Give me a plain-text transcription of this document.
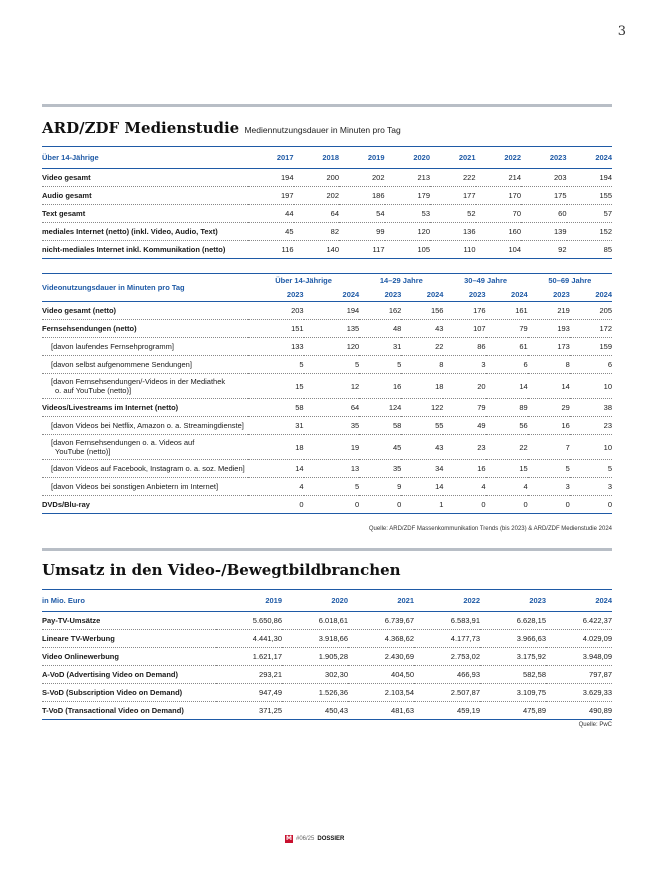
3
ARD/ZDF Medienstudie Mediennutzungsdauer in Minuten pro Tag
Über 14-Jährige	2017	2018	2019	2020	2021	2022	2023	2024
Video gesamt	194	200	202	213	222	214	203	194
Audio gesamt	197	202	186	179	177	170	175	155
Text gesamt	44	64	54	53	52	70	60	57
mediales Internet (netto) (inkl. Video, Audio, Text)	45	82	99	120	136	160	139	152
nicht-mediales Internet inkl. Kommunikation (netto)	116	140	117	105	110	104	92	85
Videonutzungsdauer in Minuten pro Tag	Über 14-Jährige		14–29 Jahre		30–49 Jahre		50–69 Jahre	
	2023	2024	2023	2024	2023	2024	2023	2024
Video gesamt (netto)	203	194	162	156	176	161	219	205
Fernsehsendungen (netto)	151	135	48	43	107	79	193	172
[davon laufendes Fernsehprogramm]	133	120	31	22	86	61	173	159
[davon selbst aufgenommene Sendungen]	5	5	5	8	3	6	8	6
[davon Fernsehsendungen/-Videos in der Mediathek
o. auf YouTube (netto)]	15	12	16	18	20	14	14	10
Videos/Livestreams im Internet (netto)	58	64	124	122	79	89	29	38
[davon Videos bei Netflix, Amazon o. a. Streamingdienste]	31	35	58	55	49	56	16	23
[davon Fernsehsendungen o. a. Videos auf
YouTube (netto)]	18	19	45	43	23	22	7	10
[davon Videos auf Facebook, Instagram o. a. soz. Medien]	14	13	35	34	16	15	5	5
[davon Videos bei sonstigen Anbietern im Internet]	4	5	9	14	4	4	3	3
DVDs/Blu-ray	0	0	0	1	0	0	0	0
Quelle: ARD/ZDF Massenkommunikation Trends (bis 2023) & ARD/ZDF Medienstudie 2024
Umsatz in den Video-/Bewegtbildbranchen
in Mio. Euro	2019	2020	2021	2022	2023	2024
Pay-TV-Umsätze	5.650,86	6.018,61	6.739,67	6.583,91	6.628,15	6.422,37
Lineare TV-Werbung	4.441,30	3.918,66	4.368,62	4.177,73	3.966,63	4.029,09
Video Onlinewerbung	1.621,17	1.905,28	2.430,69	2.753,02	3.175,92	3.948,09
A-VoD (Advertising Video on Demand)	293,21	302,30	404,50	466,93	582,58	797,87
S-VoD (Subscription Video on Demand)	947,49	1.526,36	2.103,54	2.507,87	3.109,75	3.629,33
T-VoD (Transactional Video on Demand)	371,25	450,43	481,63	459,19	475,89	490,89
Quelle: PwC
M #06/25 DOSSIER
